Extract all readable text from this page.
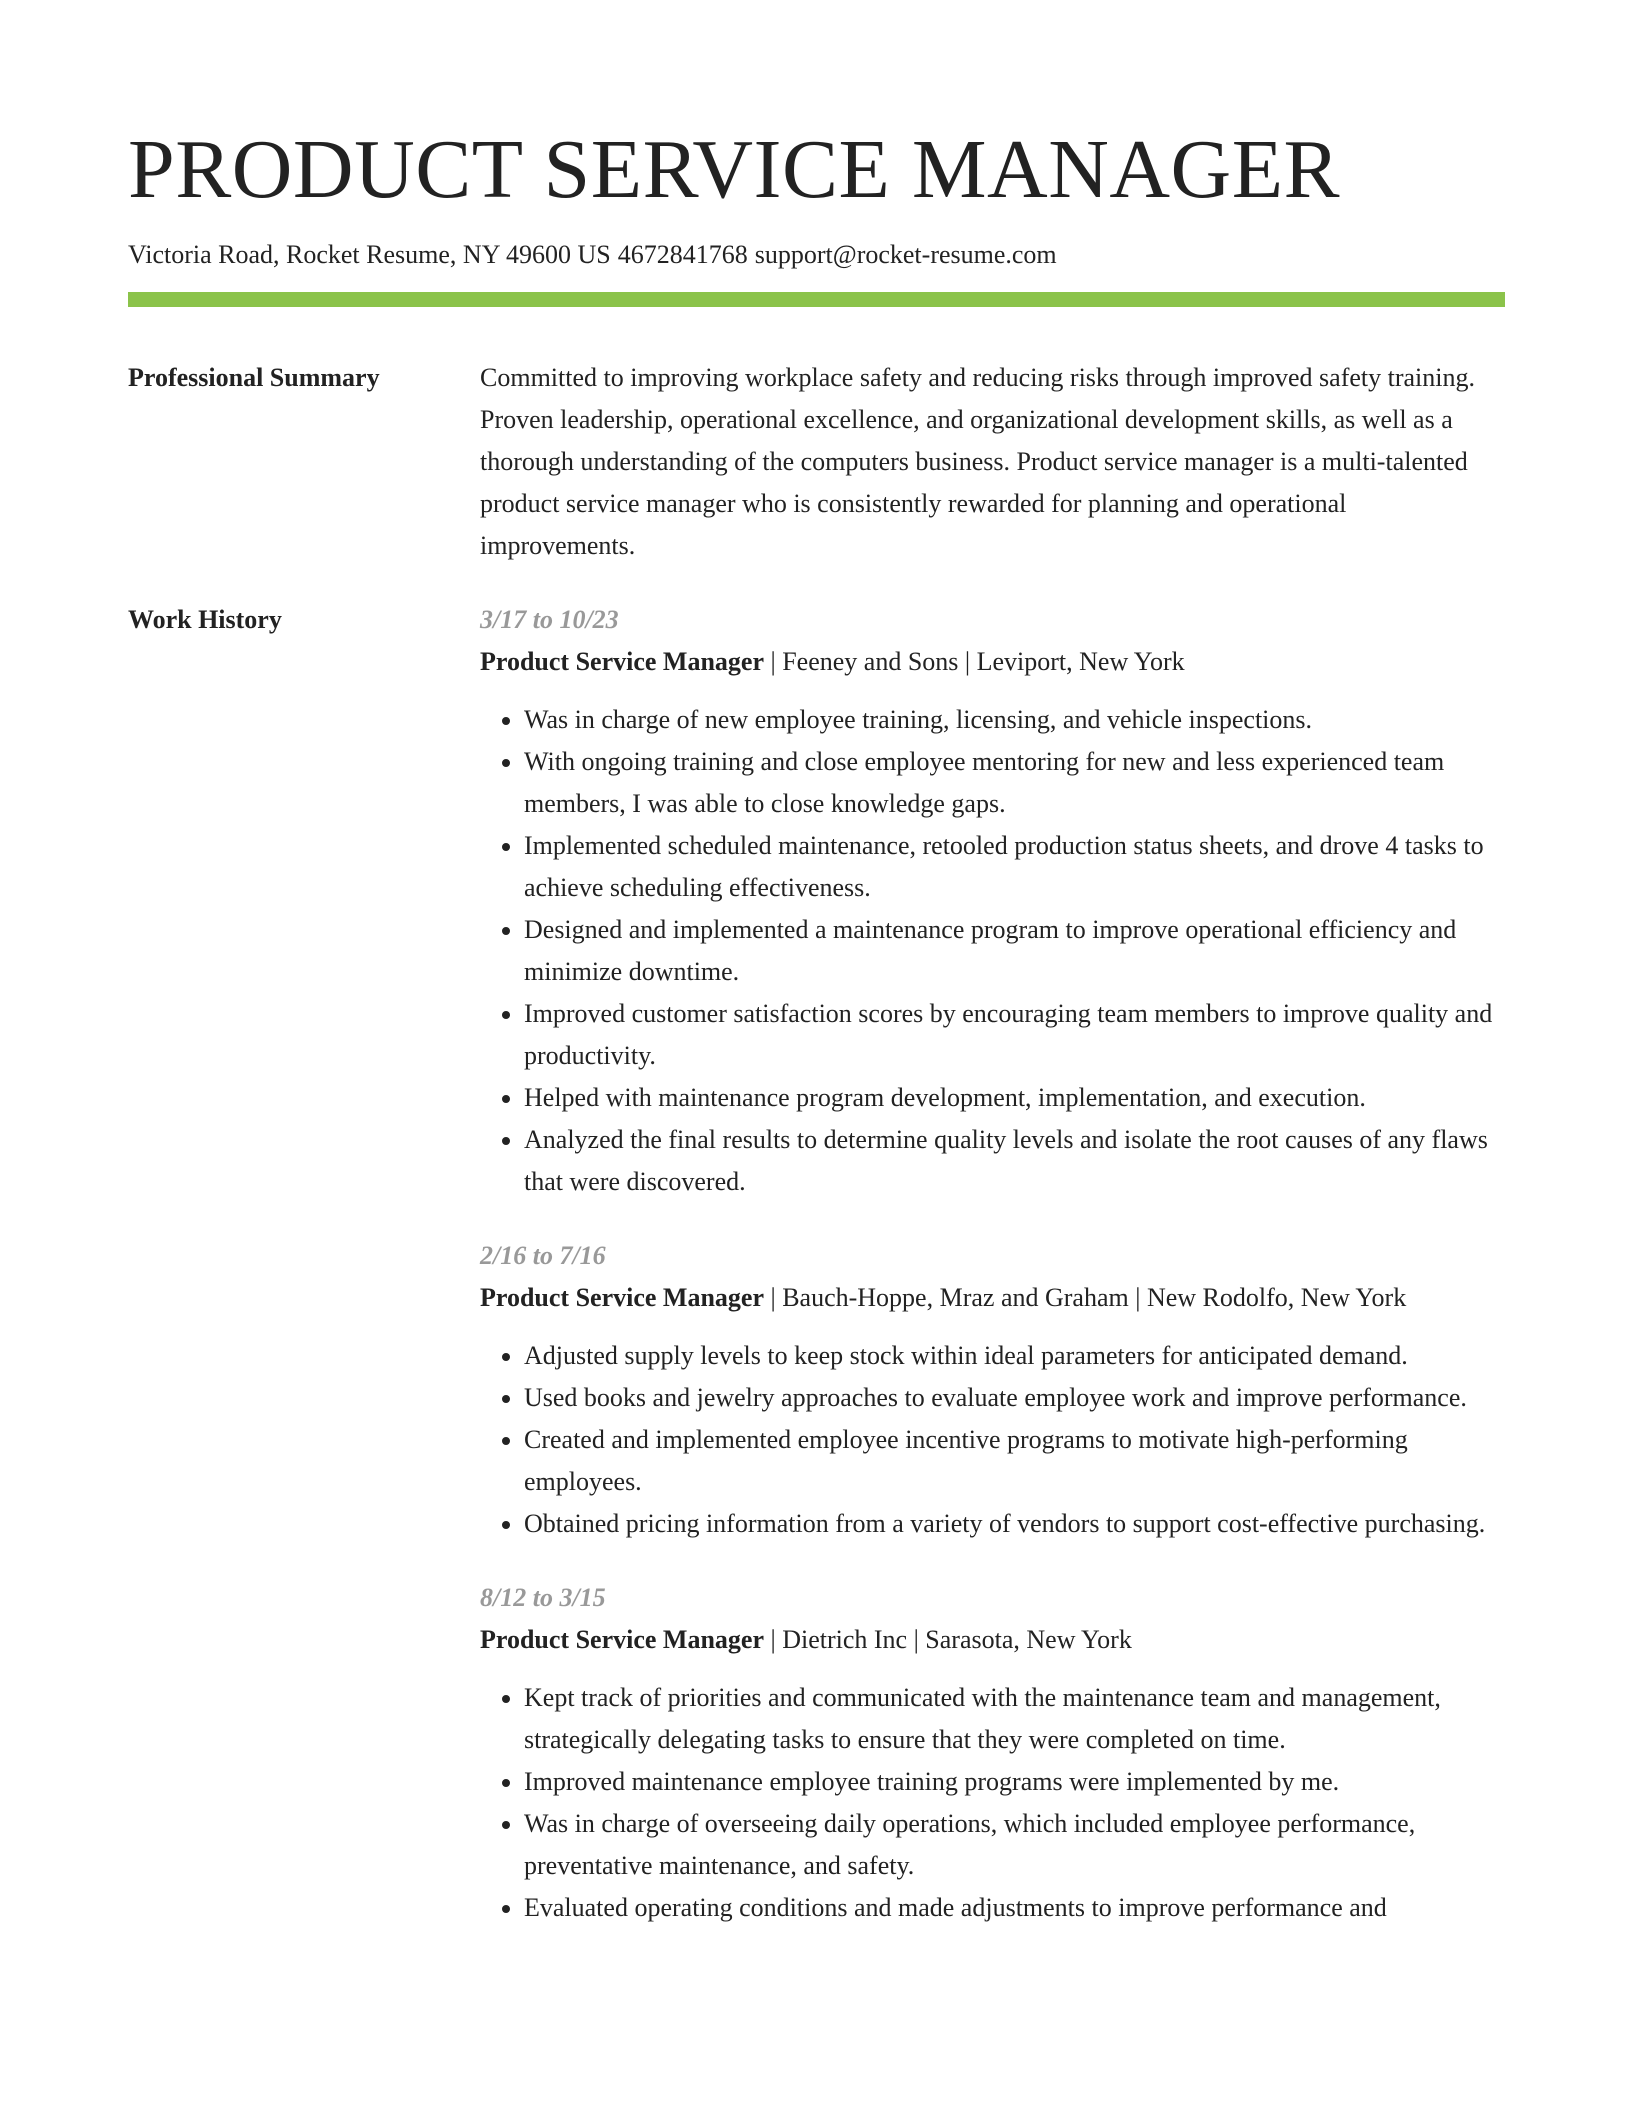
PRODUCT SERVICE MANAGER
Victoria Road, Rocket Resume, NY 49600 US 4672841768 support@rocket-resume.com
Professional Summary	Committed to improving workplace safety and reducing risks through improved safety training. Proven leadership, operational excellence, and organizational development skills, as well as a thorough understanding of the computers business. Product service manager is a multi-talented product service manager who is consistently rewarded for planning and operational improvements.
Work History	3/17 to 10/23
Product Service Manager | Feeney and Sons | Leviport, New York
• Was in charge of new employee training, licensing, and vehicle inspections.
• With ongoing training and close employee mentoring for new and less experienced team members, I was able to close knowledge gaps.
• Implemented scheduled maintenance, retooled production status sheets, and drove 4 tasks to achieve scheduling effectiveness.
• Designed and implemented a maintenance program to improve operational efficiency and minimize downtime.
• Improved customer satisfaction scores by encouraging team members to improve quality and productivity.
• Helped with maintenance program development, implementation, and execution.
• Analyzed the final results to determine quality levels and isolate the root causes of any flaws that were discovered.
2/16 to 7/16
Product Service Manager | Bauch-Hoppe, Mraz and Graham | New Rodolfo, New York
• Adjusted supply levels to keep stock within ideal parameters for anticipated demand.
• Used books and jewelry approaches to evaluate employee work and improve performance.
• Created and implemented employee incentive programs to motivate high-performing employees.
• Obtained pricing information from a variety of vendors to support cost-effective purchasing.
8/12 to 3/15
Product Service Manager | Dietrich Inc | Sarasota, New York
• Kept track of priorities and communicated with the maintenance team and management, strategically delegating tasks to ensure that they were completed on time.
• Improved maintenance employee training programs were implemented by me.
• Was in charge of overseeing daily operations, which included employee performance, preventative maintenance, and safety.
• Evaluated operating conditions and made adjustments to improve performance and
